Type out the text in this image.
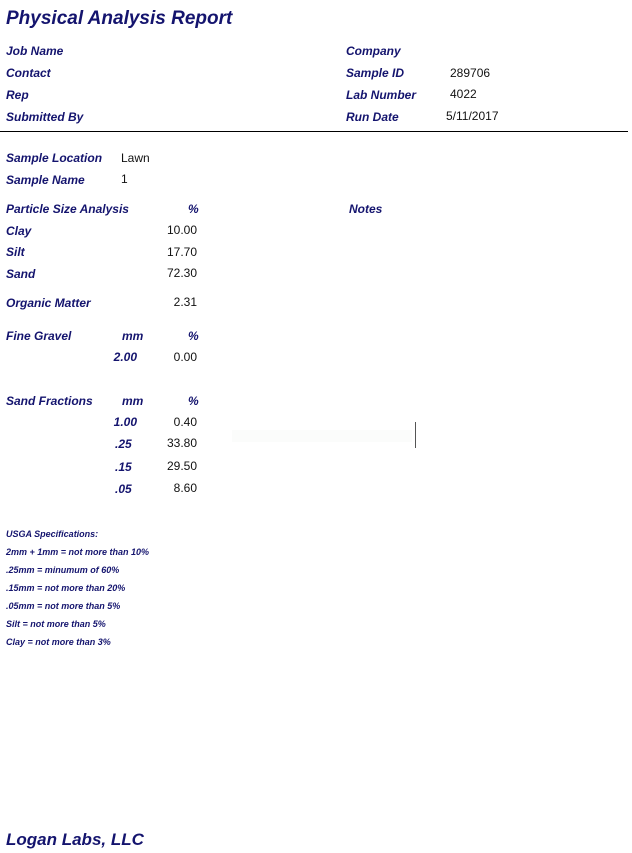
Physical Analysis Report
Job Name
Contact
Rep
Submitted By
Company
Sample ID	289706
Lab Number	4022
Run Date	5/11/2017
Sample Location Lawn
Sample Name	1
Particle Size Analysis	%	Notes
Clay	10.00
Silt	17.70
Sand	72.30
Organic Matter	2.31
Fine Gravel	mm	%
2.00	0.00
Sand Fractions mm	%
1.00	0.40
.25	33.80
.15	29.50
.05	8.60
USGA Specifications:
2mm + 1mm = not more than 10%
.25mm = minumum of 60%
.15mm = not more than 20%
.05mm = not more than 5%
Silt = not more than 5%
Clay = not more than 3%
Logan Labs, LLC
